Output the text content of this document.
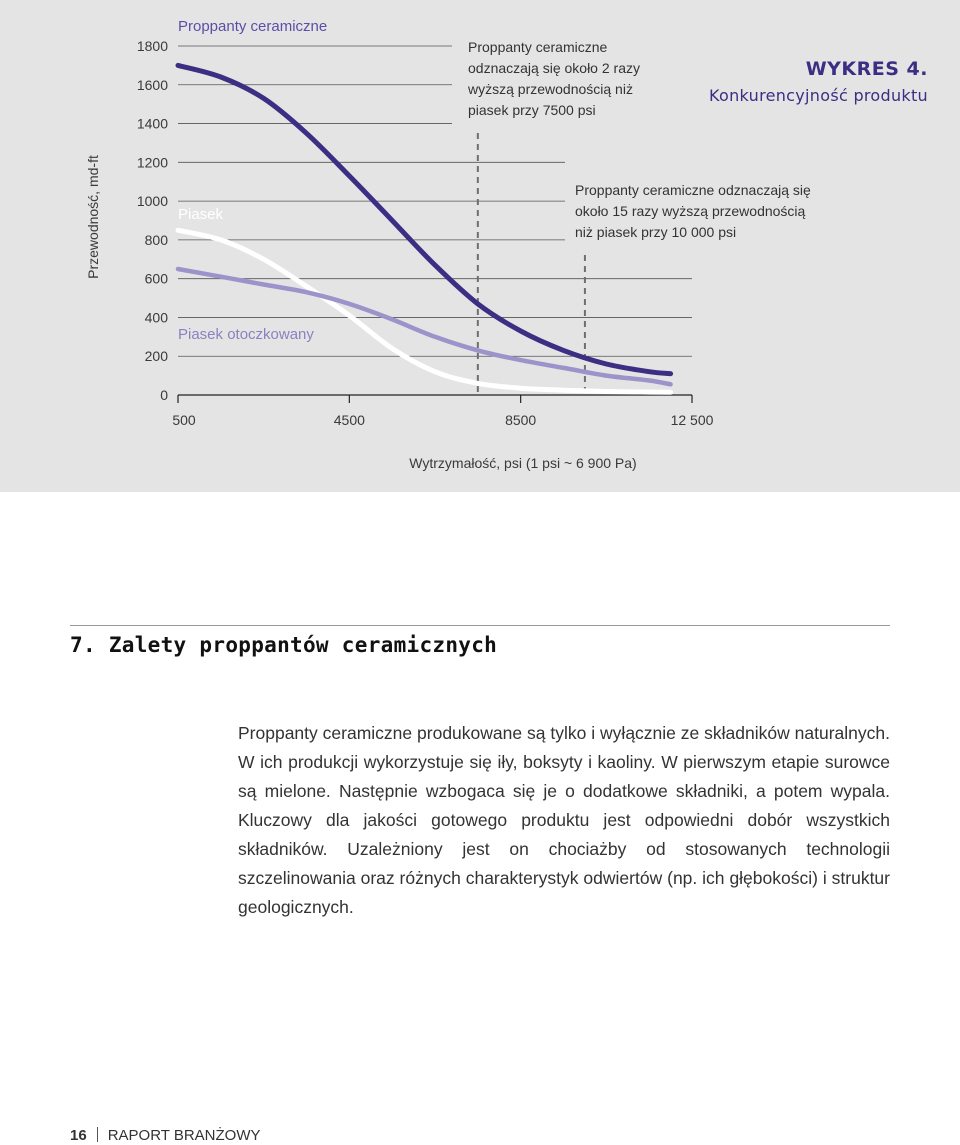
200
400
600
800
1000
1200
1400
1600
1800
0
500	4500	8500	12 500
Wytrzymałość, psi (1 psi ~ 6 900 Pa)
Przewodność, md-ft
Proppanty ceramiczne
Piasek
Piasek otoczkowany
Proppanty ceramiczne
odznaczają się około 2 razy
wyższą przewodnością niż
piasek przy 7500 psi
Proppanty ceramiczne odznaczają się
około 15 razy wyższą przewodnością
niż piasek przy 10 000 psi
WYKRES 4.
Konkurencyjność produktu
7. Zalety proppantów ceramicznych
Proppanty ceramiczne produkowane są tylko i wyłącznie ze składników naturalnych. W ich produkcji wykorzystuje się iły, boksyty i kaoliny. W pierwszym etapie surowce są mielone. Następnie wzbogaca się je o dodatkowe składniki, a potem wypala. Kluczowy dla jakości gotowego produktu jest odpowiedni dobór wszystkich składników. Uzależniony jest on chociażby od stosowanych technologii szczelinowania oraz różnych charakterystyk odwiertów (np. ich głębokości) i struktur geologicznych.
16 RAPORT BRANŻOWY
